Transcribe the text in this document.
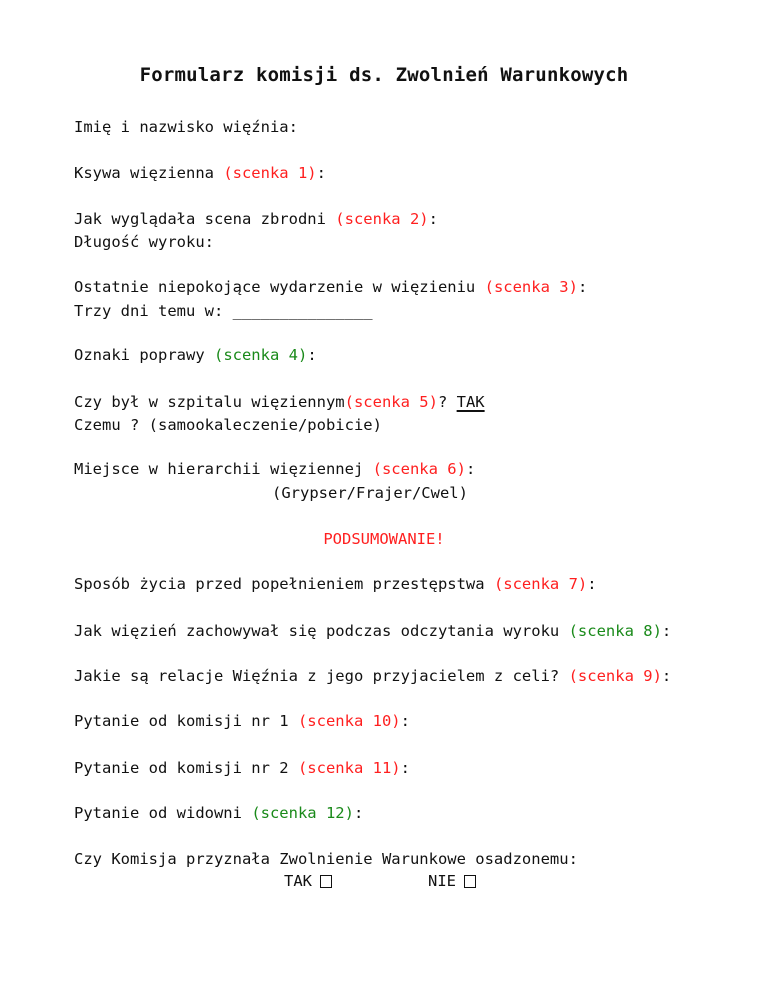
Formularz komisji ds. Zwolnień Warunkowych
Imię i nazwisko więźnia:
Ksywa więzienna (scenka 1):
Jak wyglądała scena zbrodni (scenka 2):
Długość wyroku:
Ostatnie niepokojące wydarzenie w więzieniu (scenka 3):
Trzy dni temu w: _______________
Oznaki poprawy (scenka 4):
Czy był w szpitalu więziennym(scenka 5)? TAK
Czemu ? (samookaleczenie/pobicie)
Miejsce w hierarchii więziennej (scenka 6):
(Grypser/Frajer/Cwel)
PODSUMOWANIE!
Sposób życia przed popełnieniem przestępstwa (scenka 7):
Jak więzień zachowywał się podczas odczytania wyroku (scenka 8):
Jakie są relacje Więźnia z jego przyjacielem z celi? (scenka 9):
Pytanie od komisji nr 1 (scenka 10):
Pytanie od komisji nr 2 (scenka 11):
Pytanie od widowni (scenka 12):
Czy Komisja przyznała Zwolnienie Warunkowe osadzonemu:
TAK	NIE
